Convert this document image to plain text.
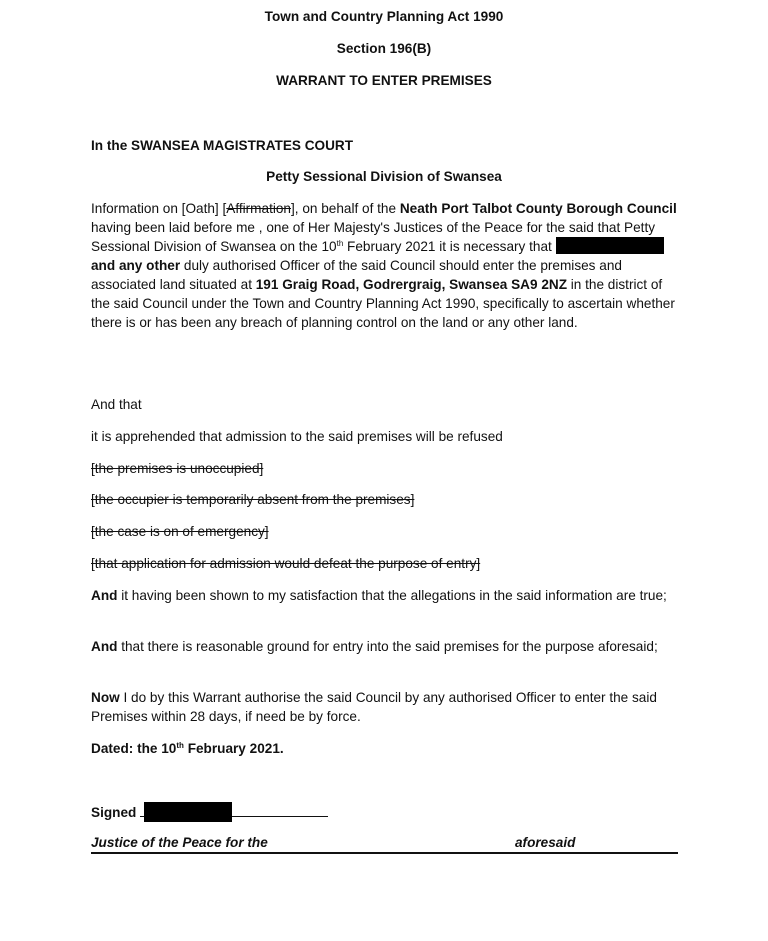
Town and Country Planning Act 1990
Section 196(B)
WARRANT TO ENTER PREMISES
In the SWANSEA MAGISTRATES COURT
Petty Sessional Division of Swansea
Information on [Oath] [Affirmation], on behalf of the Neath Port Talbot County Borough Council having been laid before me , one of Her Majesty's Justices of the Peace for the said that Petty Sessional Division of Swansea on the 10th February 2021 it is necessary that and any other duly authorised Officer of the said Council should enter the premises and associated land situated at 191 Graig Road, Godrergraig, Swansea SA9 2NZ in the district of the said Council under the Town and Country Planning Act 1990, specifically to ascertain whether there is or has been any breach of planning control on the land or any other land.
And that
it is apprehended that admission to the said premises will be refused
[the premises is unoccupied]
[the occupier is temporarily absent from the premises]
[the case is on of emergency]
[that application for admission would defeat the purpose of entry]
And it having been shown to my satisfaction that the allegations in the said information are true;
And that there is reasonable ground for entry into the said premises for the purpose aforesaid;
Now I do by this Warrant authorise the said Council by any authorised Officer to enter the said Premises within 28 days, if need be by force.
Dated: the 10th February 2021.
Signed
Justice of the Peace for the	aforesaid
